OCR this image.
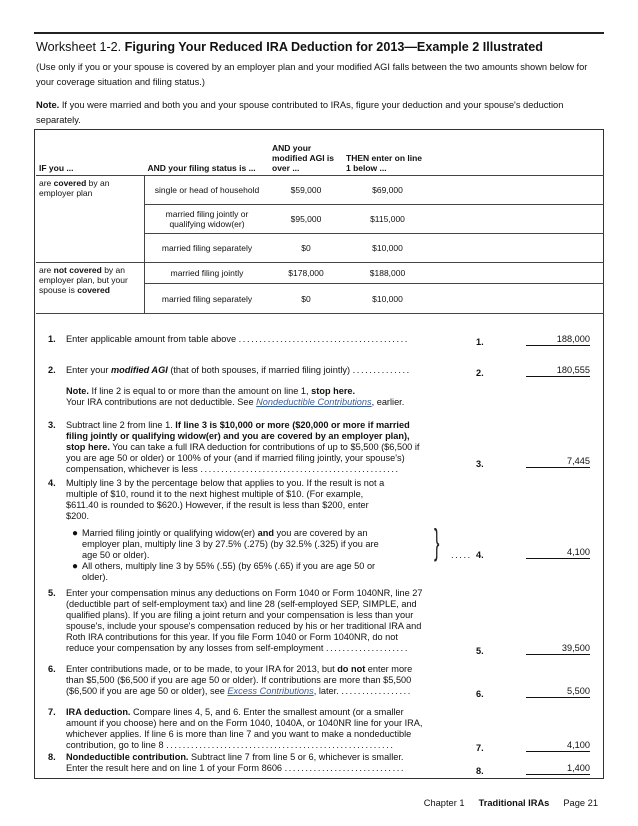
Worksheet 1-2. Figuring Your Reduced IRA Deduction for 2013—Example 2 Illustrated
(Use only if you or your spouse is covered by an employer plan and your modified AGI falls between the two amounts shown below for your coverage situation and filing status.)
Note. If you were married and both you and your spouse contributed to IRAs, figure your deduction and your spouse's deduction separately.
IF you ...	AND your filing status is ...	AND your modified AGI is over ...	THEN enter on line 1 below ...	
are covered by an employer plan	single or head of household	$59,000	$69,000	
	married filing jointly or qualifying widow(er)	$95,000	$115,000	
	married filing separately	$0	$10,000	
are not covered by an employer plan, but your spouse is covered	married filing jointly	$178,000	$188,000	
	married filing separately	$0	$10,000	

1. Enter applicable amount from table above .........................................	1.	188,000
2. Enter your modified AGI (that of both spouses, if married filing jointly) ..............	2.	180,555
Note. If line 2 is equal to or more than the amount on line 1, stop here.
Your IRA contributions are not deductible. See Nondeductible Contributions, earlier.
3. Subtract line 2 from line 1. If line 3 is $10,000 or more ($20,000 or more if married
filing jointly or qualifying widow(er) and you are covered by an employer plan),
stop here. You can take a full IRA deduction for contributions of up to $5,500 ($6,500 if
you are age 50 or older) or 100% of your (and if married filing jointly, your spouse's)
compensation, whichever is less ................................................	3.	7,445
4. Multiply line 3 by the percentage below that applies to you. If the result is not a
multiple of $10, round it to the next highest multiple of $10. (For example,
$611.40 is rounded to $620.) However, if the result is less than $200, enter
$200.
● Married filing jointly or qualifying widow(er) and you are covered by an
employer plan, multiply line 3 by 27.5% (.275) (by 32.5% (.325) if you are
age 50 or older).
● All others, multiply line 3 by 55% (.55) (by 65% (.65) if you are age 50 or
older).
..... 4.	4,100
}
5. Enter your compensation minus any deductions on Form 1040 or Form 1040NR, line 27
(deductible part of self-employment tax) and line 28 (self-employed SEP, SIMPLE, and
qualified plans). If you are filing a joint return and your compensation is less than your
spouse's, include your spouse's compensation reduced by his or her traditional IRA and
Roth IRA contributions for this year. If you file Form 1040 or Form 1040NR, do not
reduce your compensation by any losses from self-employment ....................	5.	39,500
6. Enter contributions made, or to be made, to your IRA for 2013, but do not enter more
than $5,500 ($6,500 if you are age 50 or older). If contributions are more than $5,500
($6,500 if you are age 50 or older), see Excess Contributions, later. .................	6.	5,500
7. IRA deduction. Compare lines 4, 5, and 6. Enter the smallest amount (or a smaller
amount if you choose) here and on the Form 1040, 1040A, or 1040NR line for your IRA,
whichever applies. If line 6 is more than line 7 and you want to make a nondeductible
contribution, go to line 8 .......................................................	7.	4,100
8. Nondeductible contribution. Subtract line 7 from line 5 or 6, whichever is smaller.
Enter the result here and on line 1 of your Form 8606 .............................	8.	1,400
Chapter 1 Traditional IRAs Page 21
